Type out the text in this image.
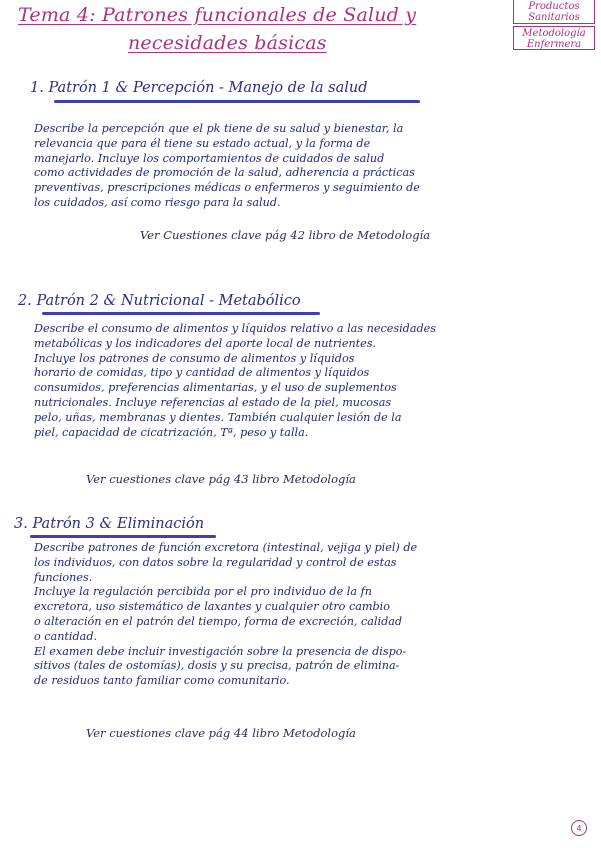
Tema 4: Patrones funcionales de Salud y
necesidades básicas
Productos Sanitarios
Metodología Enfermera
1. Patrón 1 & Percepción - Manejo de la salud
Describe la percepción que el pk tiene de su salud y bienestar, la
relevancia que para él tiene su estado actual, y la forma de
manejarlo. Incluye los comportamientos de cuidados de salud
como actividades de promoción de la salud, adherencia a prácticas
preventivas, prescripciones médicas o enfermeros y seguimiento de
los cuidados, así como riesgo para la salud.
Ver Cuestiones clave pág 42 libro de Metodología
2. Patrón 2 & Nutricional - Metabólico
Describe el consumo de alimentos y líquidos relativo a las necesidades
metabólicas y los indicadores del aporte local de nutrientes.
Incluye los patrones de consumo de alimentos y líquidos
horario de comidas, tipo y cantidad de alimentos y líquidos
consumidos, preferencias alimentarias, y el uso de suplementos
nutricionales. Incluye referencias al estado de la piel, mucosas
pelo, uñas, membranas y dientes. También cualquier lesión de la
piel, capacidad de cicatrización, Tª, peso y talla.
Ver cuestiones clave pág 43 libro Metodología
3. Patrón 3 & Eliminación
Describe patrones de función excretora (intestinal, vejiga y piel) de
los individuos, con datos sobre la regularidad y control de estas
funciones.
Incluye la regulación percibida por el pro individuo de la fn
excretora, uso sistemático de laxantes y cualquier otro cambio
o alteración en el patrón del tiempo, forma de excreción, calidad
o cantidad.
El examen debe incluir investigación sobre la presencia de dispo-
sitivos (tales de ostomías), dosis y su precisa, patrón de elimina-
de residuos tanto familiar como comunitario.
Ver cuestiones clave pág 44 libro Metodología
4
